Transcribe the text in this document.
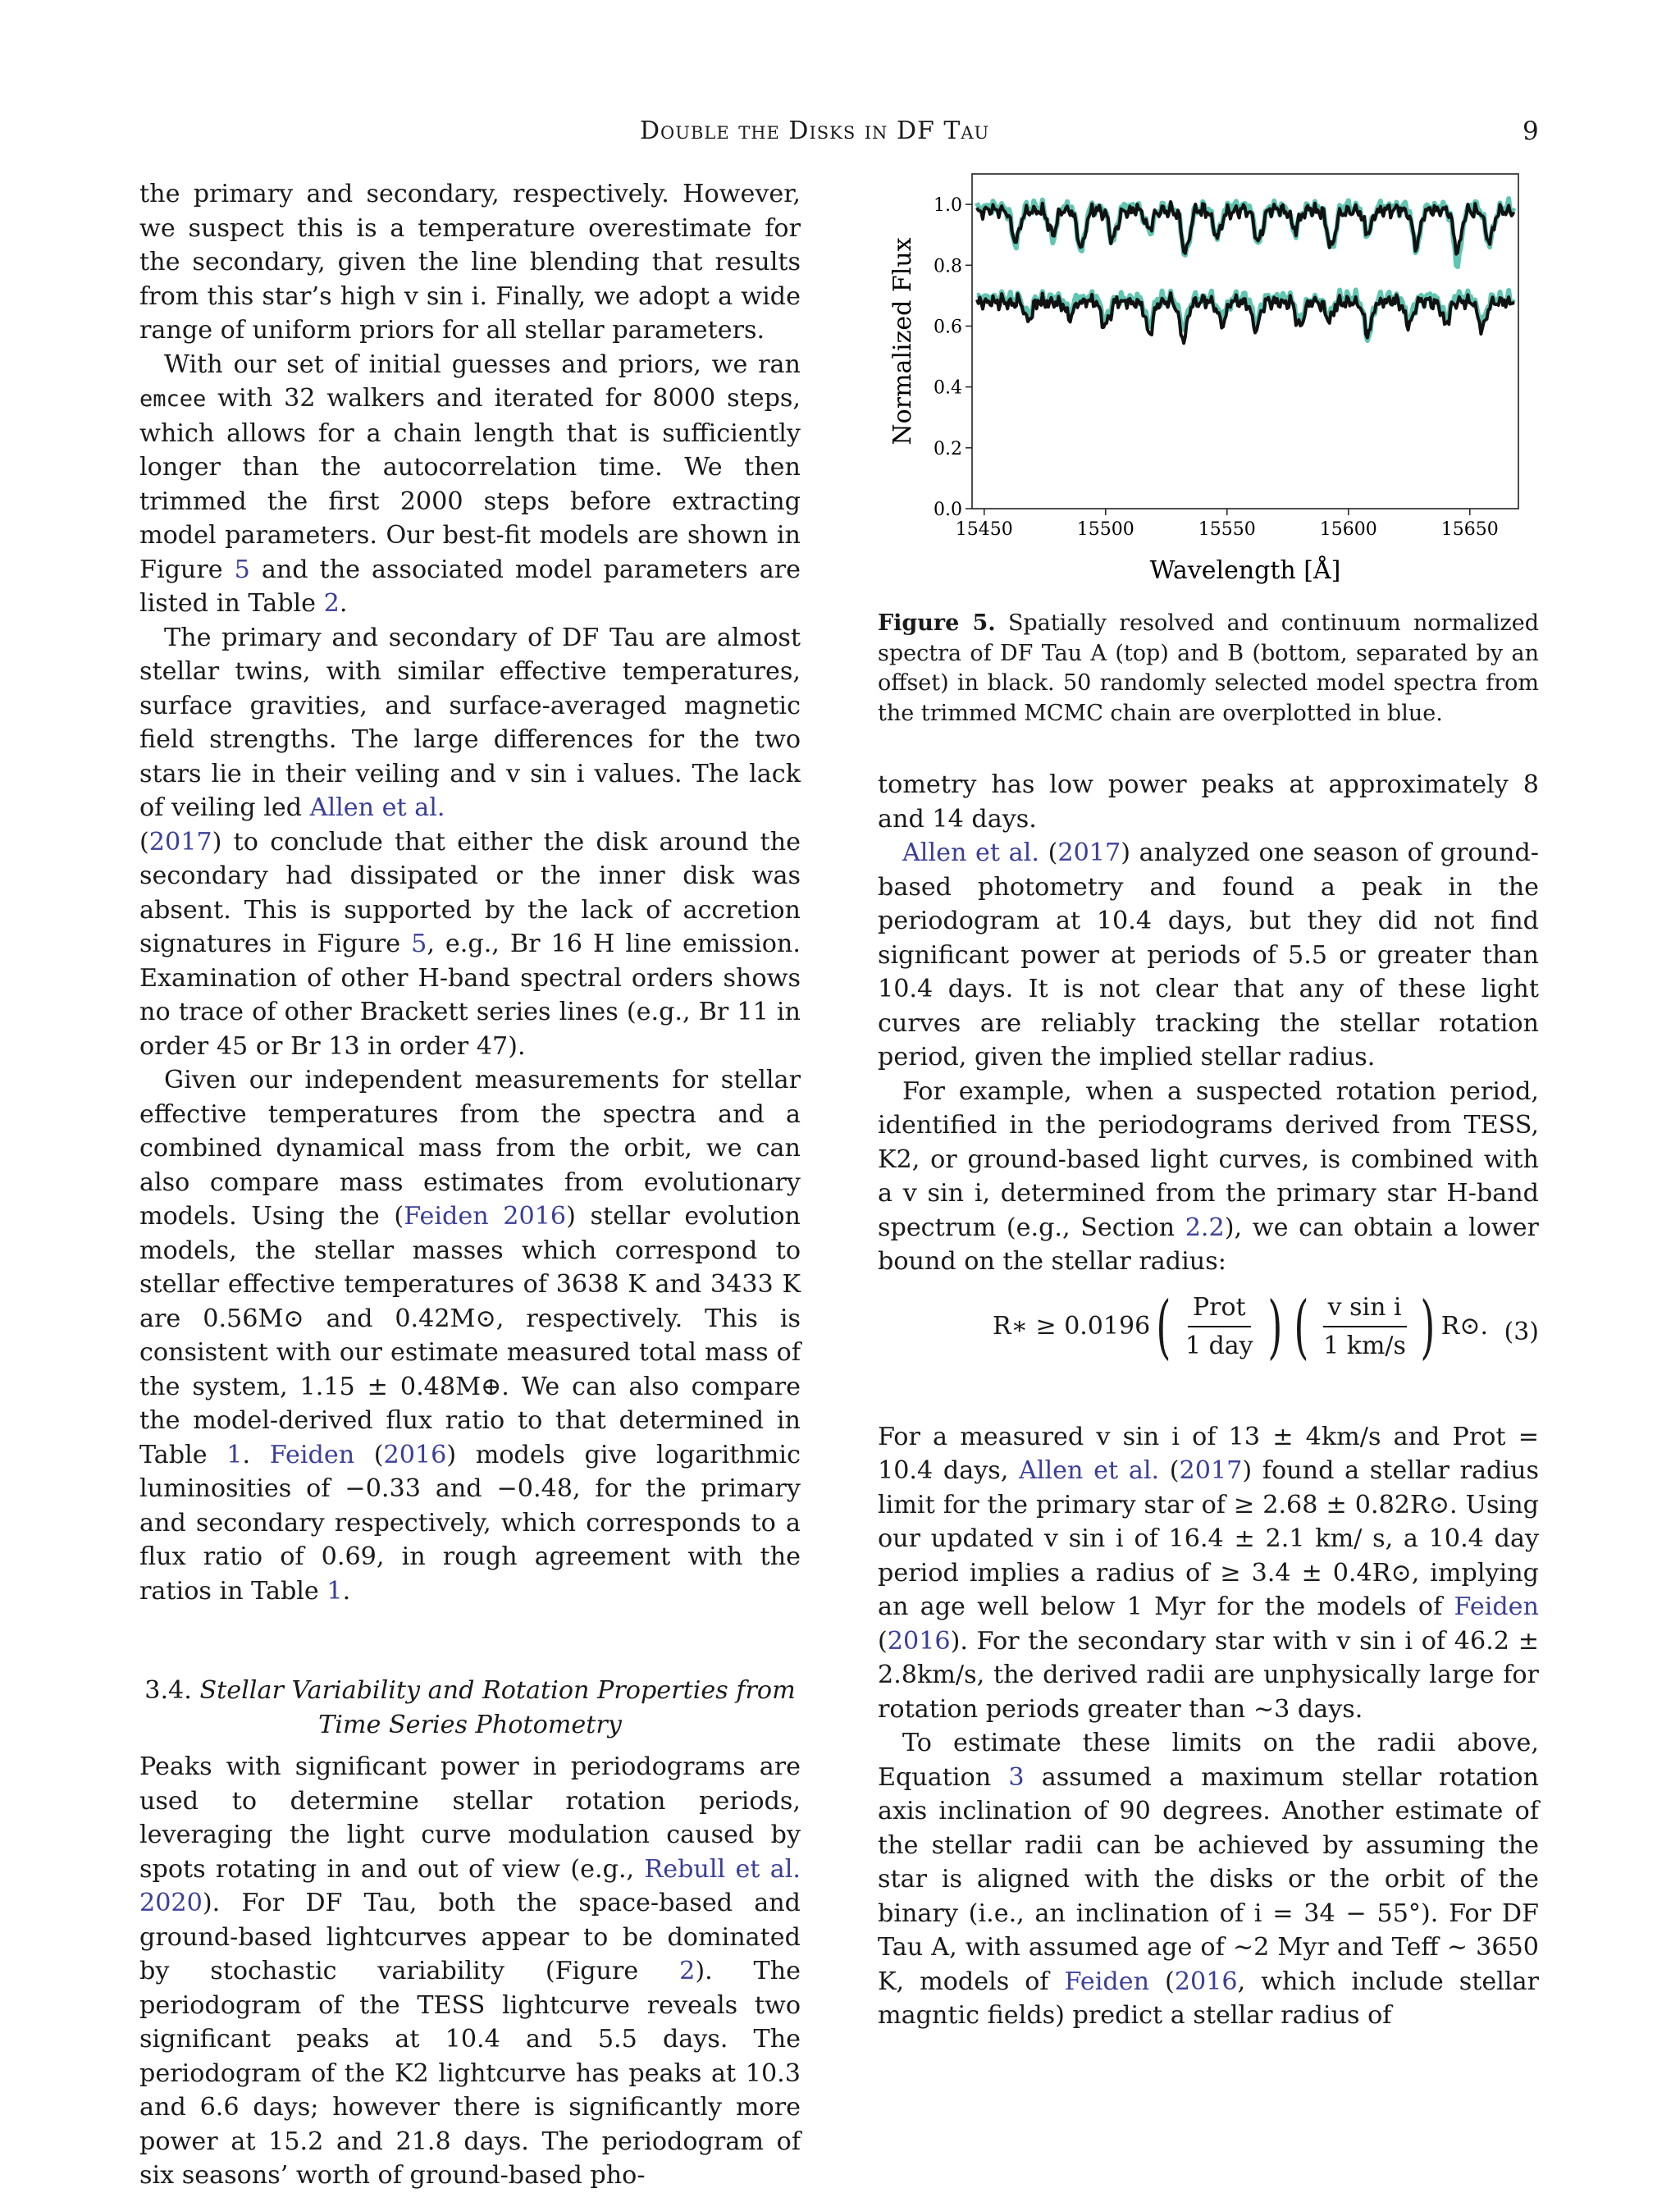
Double the Disks in DF Tau	9

the primary and secondary, respectively. However, we suspect this is a temperature overestimate for the secondary, given the line blending that results from this star’s high v sin i. Finally, we adopt a wide range of uniform priors for all stellar parameters.

With our set of initial guesses and priors, we ran emcee with 32 walkers and iterated for 8000 steps, which allows for a chain length that is sufficiently longer than the autocorrelation time. We then trimmed the first 2000 steps before extracting model parameters. Our best-fit models are shown in Figure 5 and the associated model parameters are listed in Table 2.

The primary and secondary of DF Tau are almost stellar twins, with similar effective temperatures, surface gravities, and surface-averaged magnetic field strengths. The large differences for the two stars lie in their veiling and v sin i values. The lack of veiling led Allen et al.
(2017) to conclude that either the disk around the secondary had dissipated or the inner disk was absent. This is supported by the lack of accretion signatures in Figure 5, e.g., Br 16 H line emission. Examination of other H-band spectral orders shows no trace of other Brackett series lines (e.g., Br 11 in order 45 or Br 13 in order 47).

Given our independent measurements for stellar effective temperatures from the spectra and a combined dynamical mass from the orbit, we can also compare mass estimates from evolutionary models. Using the (Feiden 2016) stellar evolution models, the stellar masses which correspond to stellar effective temperatures of 3638 K and 3433 K are 0.56M⊙ and 0.42M⊙, respectively. This is consistent with our estimate measured total mass of the system, 1.15 ± 0.48M⊕. We can also compare the model-derived flux ratio to that determined in Table 1. Feiden (2016) models give logarithmic luminosities of −0.33 and −0.48, for the primary and secondary respectively, which corresponds to a flux ratio of 0.69, in rough agreement with the ratios in Table 1.

3.4. Stellar Variability and Rotation Properties from Time Series Photometry

Peaks with significant power in periodograms are used to determine stellar rotation periods, leveraging the light curve modulation caused by spots rotating in and out of view (e.g., Rebull et al. 2020). For DF Tau, both the space-based and ground-based lightcurves appear to be dominated by stochastic variability (Figure 2). The periodogram of the TESS lightcurve reveals two significant peaks at 10.4 and 5.5 days. The periodogram of the K2 lightcurve has peaks at 10.3 and 6.6 days; however there is significantly more power at 15.2 and 21.8 days. The periodogram of six seasons’ worth of ground-based pho-

0.0
0.2
0.4
0.6
0.8
1.0
15450	15500	15550	15600	15650
Normalized Flux
Wavelength [Å]
Figure 5. Spatially resolved and continuum normalized spectra of DF Tau A (top) and B (bottom, separated by an offset) in black. 50 randomly selected model spectra from the trimmed MCMC chain are overplotted in blue.

tometry has low power peaks at approximately 8 and 14 days.

Allen et al. (2017) analyzed one season of ground-based photometry and found a peak in the periodogram at 10.4 days, but they did not find significant power at periods of 5.5 or greater than 10.4 days. It is not clear that any of these light curves are reliably tracking the stellar rotation period, given the implied stellar radius.

For example, when a suspected rotation period, identified in the periodograms derived from TESS, K2, or ground-based light curves, is combined with a v sin i, determined from the primary star H-band spectrum (e.g., Section 2.2), we can obtain a lower bound on the stellar radius:

R∗ ≥ 0.0196 ( $\frac{\text{Prot}}{\text{1 day}}$ ) ( $\frac{\text{v sin i}}{1 km/s}$ ) R⊙. (3)

For a measured v sin i of 13 ± 4km/s and Prot = 10.4 days, Allen et al. (2017) found a stellar radius limit for the primary star of ≥ 2.68 ± 0.82R⊙. Using our updated v sin i of 16.4 ± 2.1 km/ s, a 10.4 day period implies a radius of ≥ 3.4 ± 0.4R⊙, implying an age well below 1 Myr for the models of Feiden (2016). For the secondary star with v sin i of 46.2 ± 2.8km/s, the derived radii are unphysically large for rotation periods greater than ∼3 days.

To estimate these limits on the radii above, Equation 3 assumed a maximum stellar rotation axis inclination of 90 degrees. Another estimate of the stellar radii can be achieved by assuming the star is aligned with the disks or the orbit of the binary (i.e., an inclination of i = 34 − 55°). For DF Tau A, with assumed age of ∼2 Myr and Teff ∼ 3650 K, models of Feiden (2016, which include stellar magntic fields) predict a stellar radius of
